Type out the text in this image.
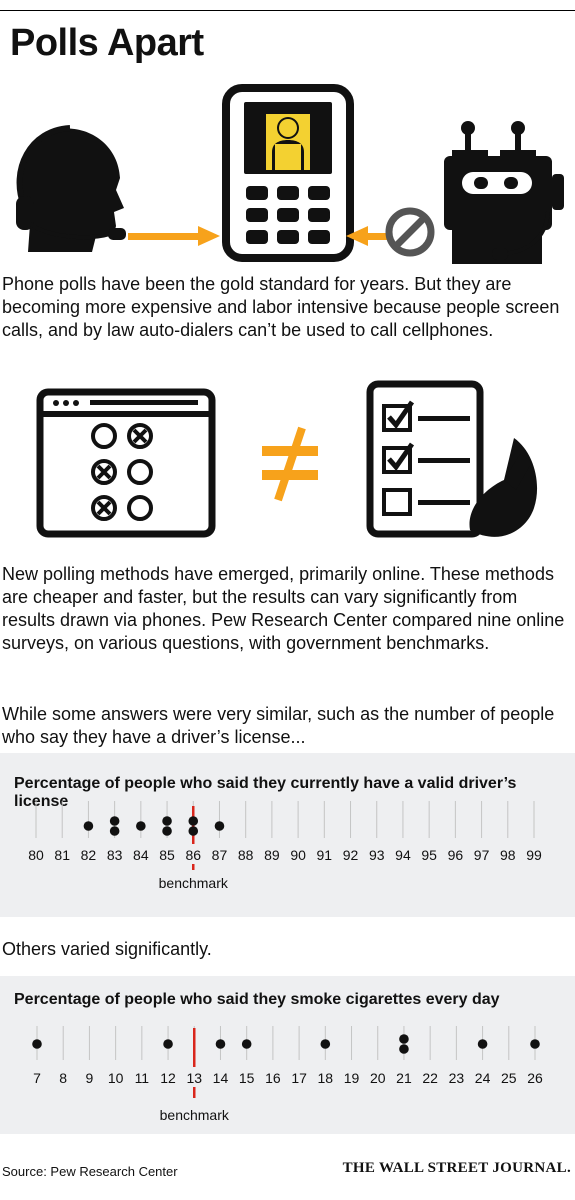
Polls Apart
Phone polls have been the gold standard for years. But they are becoming more expensive and labor intensive because people screen calls, and by law auto-dialers can’t be used to call cellphones.
New polling methods have emerged, primarily online. These methods are cheaper and faster, but the results can vary significantly from results drawn via phones. Pew Research Center compared nine online surveys, on various questions, with government benchmarks.
While some answers were very similar, such as the number of people who say they have a driver’s license...
Percentage of people who said they currently have a valid driver’s license
80 81 82 83 84 85 86 87 88 89 90 91 92 93 94 95 96 97 98 99
benchmark
Others varied significantly.
Percentage of people who said they smoke cigarettes every day
7 8 9 10 11 12 13 14 15 16 17 18 19 20 21 22 23 24 25 26
benchmark
Source: Pew Research Center	THE WALL STREET JOURNAL.
